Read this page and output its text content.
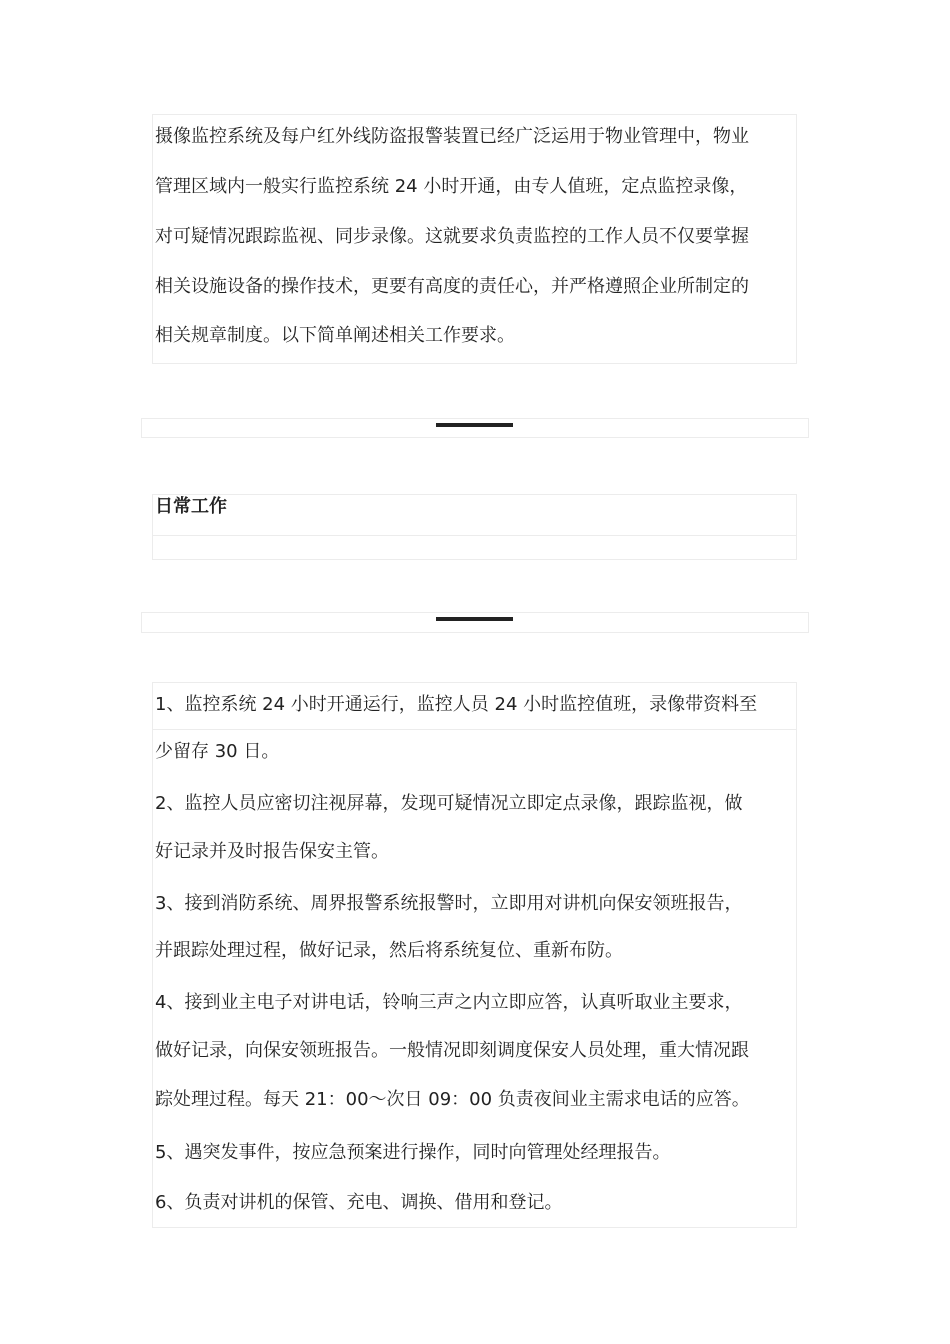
摄像监控系统及每户红外线防盗报警装置已经广泛运用于物业管理中，物业
管理区域内一般实行监控系统 24 小时开通，由专人值班，定点监控录像，
对可疑情况跟踪监视、同步录像。这就要求负责监控的工作人员不仅要掌握
相关设施设备的操作技术，更要有高度的责任心，并严格遵照企业所制定的
相关规章制度。以下简单阐述相关工作要求。
日常工作
1、监控系统 24 小时开通运行，监控人员 24 小时监控值班，录像带资料至
少留存 30 日。
2、监控人员应密切注视屏幕，发现可疑情况立即定点录像，跟踪监视，做
好记录并及时报告保安主管。
3、接到消防系统、周界报警系统报警时，立即用对讲机向保安领班报告，
并跟踪处理过程，做好记录，然后将系统复位、重新布防。
4、接到业主电子对讲电话，铃响三声之内立即应答，认真听取业主要求，
做好记录，向保安领班报告。一般情况即刻调度保安人员处理，重大情况跟
踪处理过程。每天 21：00～次日 09：00 负责夜间业主需求电话的应答。
5、遇突发事件，按应急预案进行操作，同时向管理处经理报告。
6、负责对讲机的保管、充电、调换、借用和登记。
